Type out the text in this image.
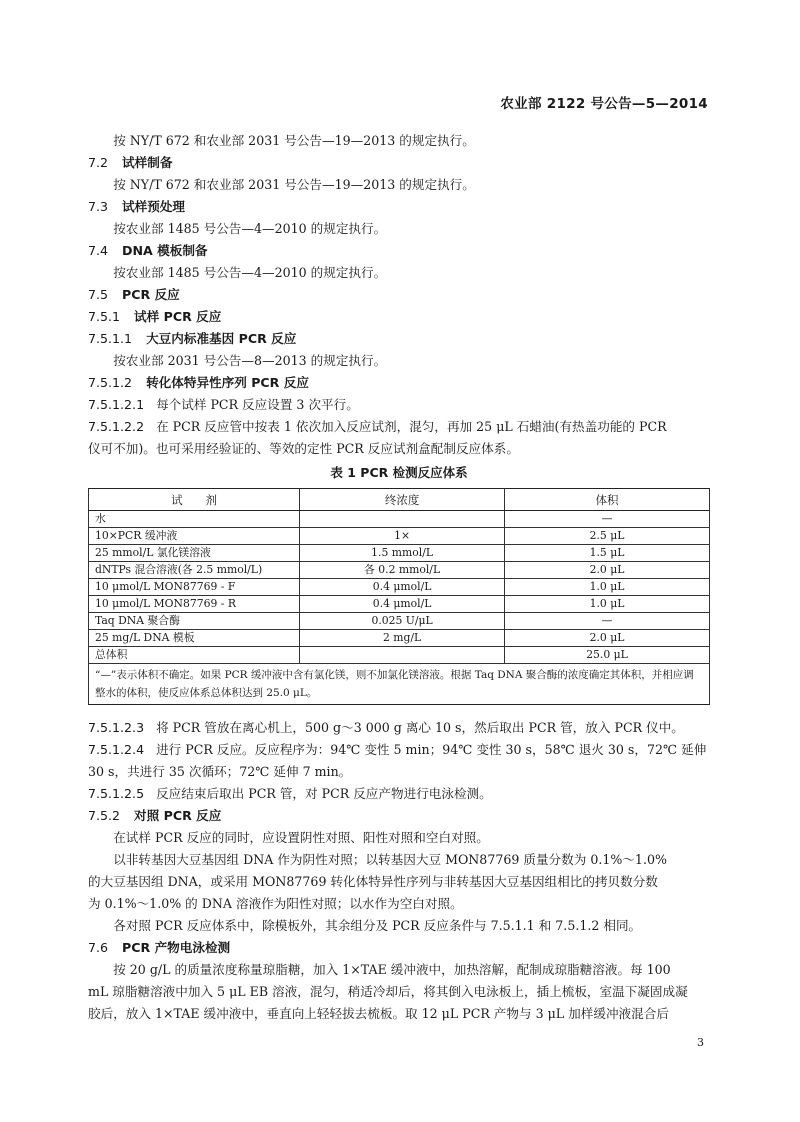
农业部 2122 号公告—5—2014

按 NY/T 672 和农业部 2031 号公告—19—2013 的规定执行。

7.2 试样制备

按 NY/T 672 和农业部 2031 号公告—19—2013 的规定执行。

7.3 试样预处理

按农业部 1485 号公告—4—2010 的规定执行。

7.4 DNA 模板制备

按农业部 1485 号公告—4—2010 的规定执行。

7.5 PCR 反应

7.5.1 试样 PCR 反应

7.5.1.1 大豆内标准基因 PCR 反应

按农业部 2031 号公告—8—2013 的规定执行。

7.5.1.2 转化体特异性序列 PCR 反应

7.5.1.2.1 每个试样 PCR 反应设置 3 次平行。

7.5.1.2.2 在 PCR 反应管中按表 1 依次加入反应试剂，混匀，再加 25 μL 石蜡油(有热盖功能的 PCR

仪可不加)。也可采用经验证的、等效的定性 PCR 反应试剂盒配制反应体系。

表 1 PCR 检测反应体系
试　　剂	终浓度	体积
水		—
10×PCR 缓冲液	1×	2.5 μL
25 mmol/L 氯化镁溶液	1.5 mmol/L	1.5 μL
dNTPs 混合溶液(各 2.5 mmol/L)	各 0.2 mmol/L	2.0 μL
10 μmol/L MON87769 - F	0.4 μmol/L	1.0 μL
10 μmol/L MON87769 - R	0.4 μmol/L	1.0 μL
Taq DNA 聚合酶	0.025 U/μL	—
25 mg/L DNA 模板	2 mg/L	2.0 μL
总体积		25.0 μL
“—”表示体积不确定。如果 PCR 缓冲液中含有氯化镁，则不加氯化镁溶液。根据 Taq DNA 聚合酶的浓度确定其体积，并相应调整水的体积，使反应体系总体积达到 25.0 μL。		

7.5.1.2.3 将 PCR 管放在离心机上，500 g～3 000 g 离心 10 s，然后取出 PCR 管，放入 PCR 仪中。

7.5.1.2.4 进行 PCR 反应。反应程序为：94℃ 变性 5 min；94℃ 变性 30 s，58℃ 退火 30 s，72℃ 延伸

30 s，共进行 35 次循环；72℃ 延伸 7 min。

7.5.1.2.5 反应结束后取出 PCR 管，对 PCR 反应产物进行电泳检测。

7.5.2 对照 PCR 反应

在试样 PCR 反应的同时，应设置阴性对照、阳性对照和空白对照。

以非转基因大豆基因组 DNA 作为阴性对照；以转基因大豆 MON87769 质量分数为 0.1%～1.0%

的大豆基因组 DNA，或采用 MON87769 转化体特异性序列与非转基因大豆基因组相比的拷贝数分数

为 0.1%～1.0% 的 DNA 溶液作为阳性对照；以水作为空白对照。

各对照 PCR 反应体系中，除模板外，其余组分及 PCR 反应条件与 7.5.1.1 和 7.5.1.2 相同。

7.6 PCR 产物电泳检测

按 20 g/L 的质量浓度称量琼脂糖，加入 1×TAE 缓冲液中，加热溶解，配制成琼脂糖溶液。每 100

mL 琼脂糖溶液中加入 5 μL EB 溶液，混匀，稍适冷却后，将其倒入电泳板上，插上梳板，室温下凝固成凝

胶后，放入 1×TAE 缓冲液中，垂直向上轻轻拔去梳板。取 12 μL PCR 产物与 3 μL 加样缓冲液混合后

3
